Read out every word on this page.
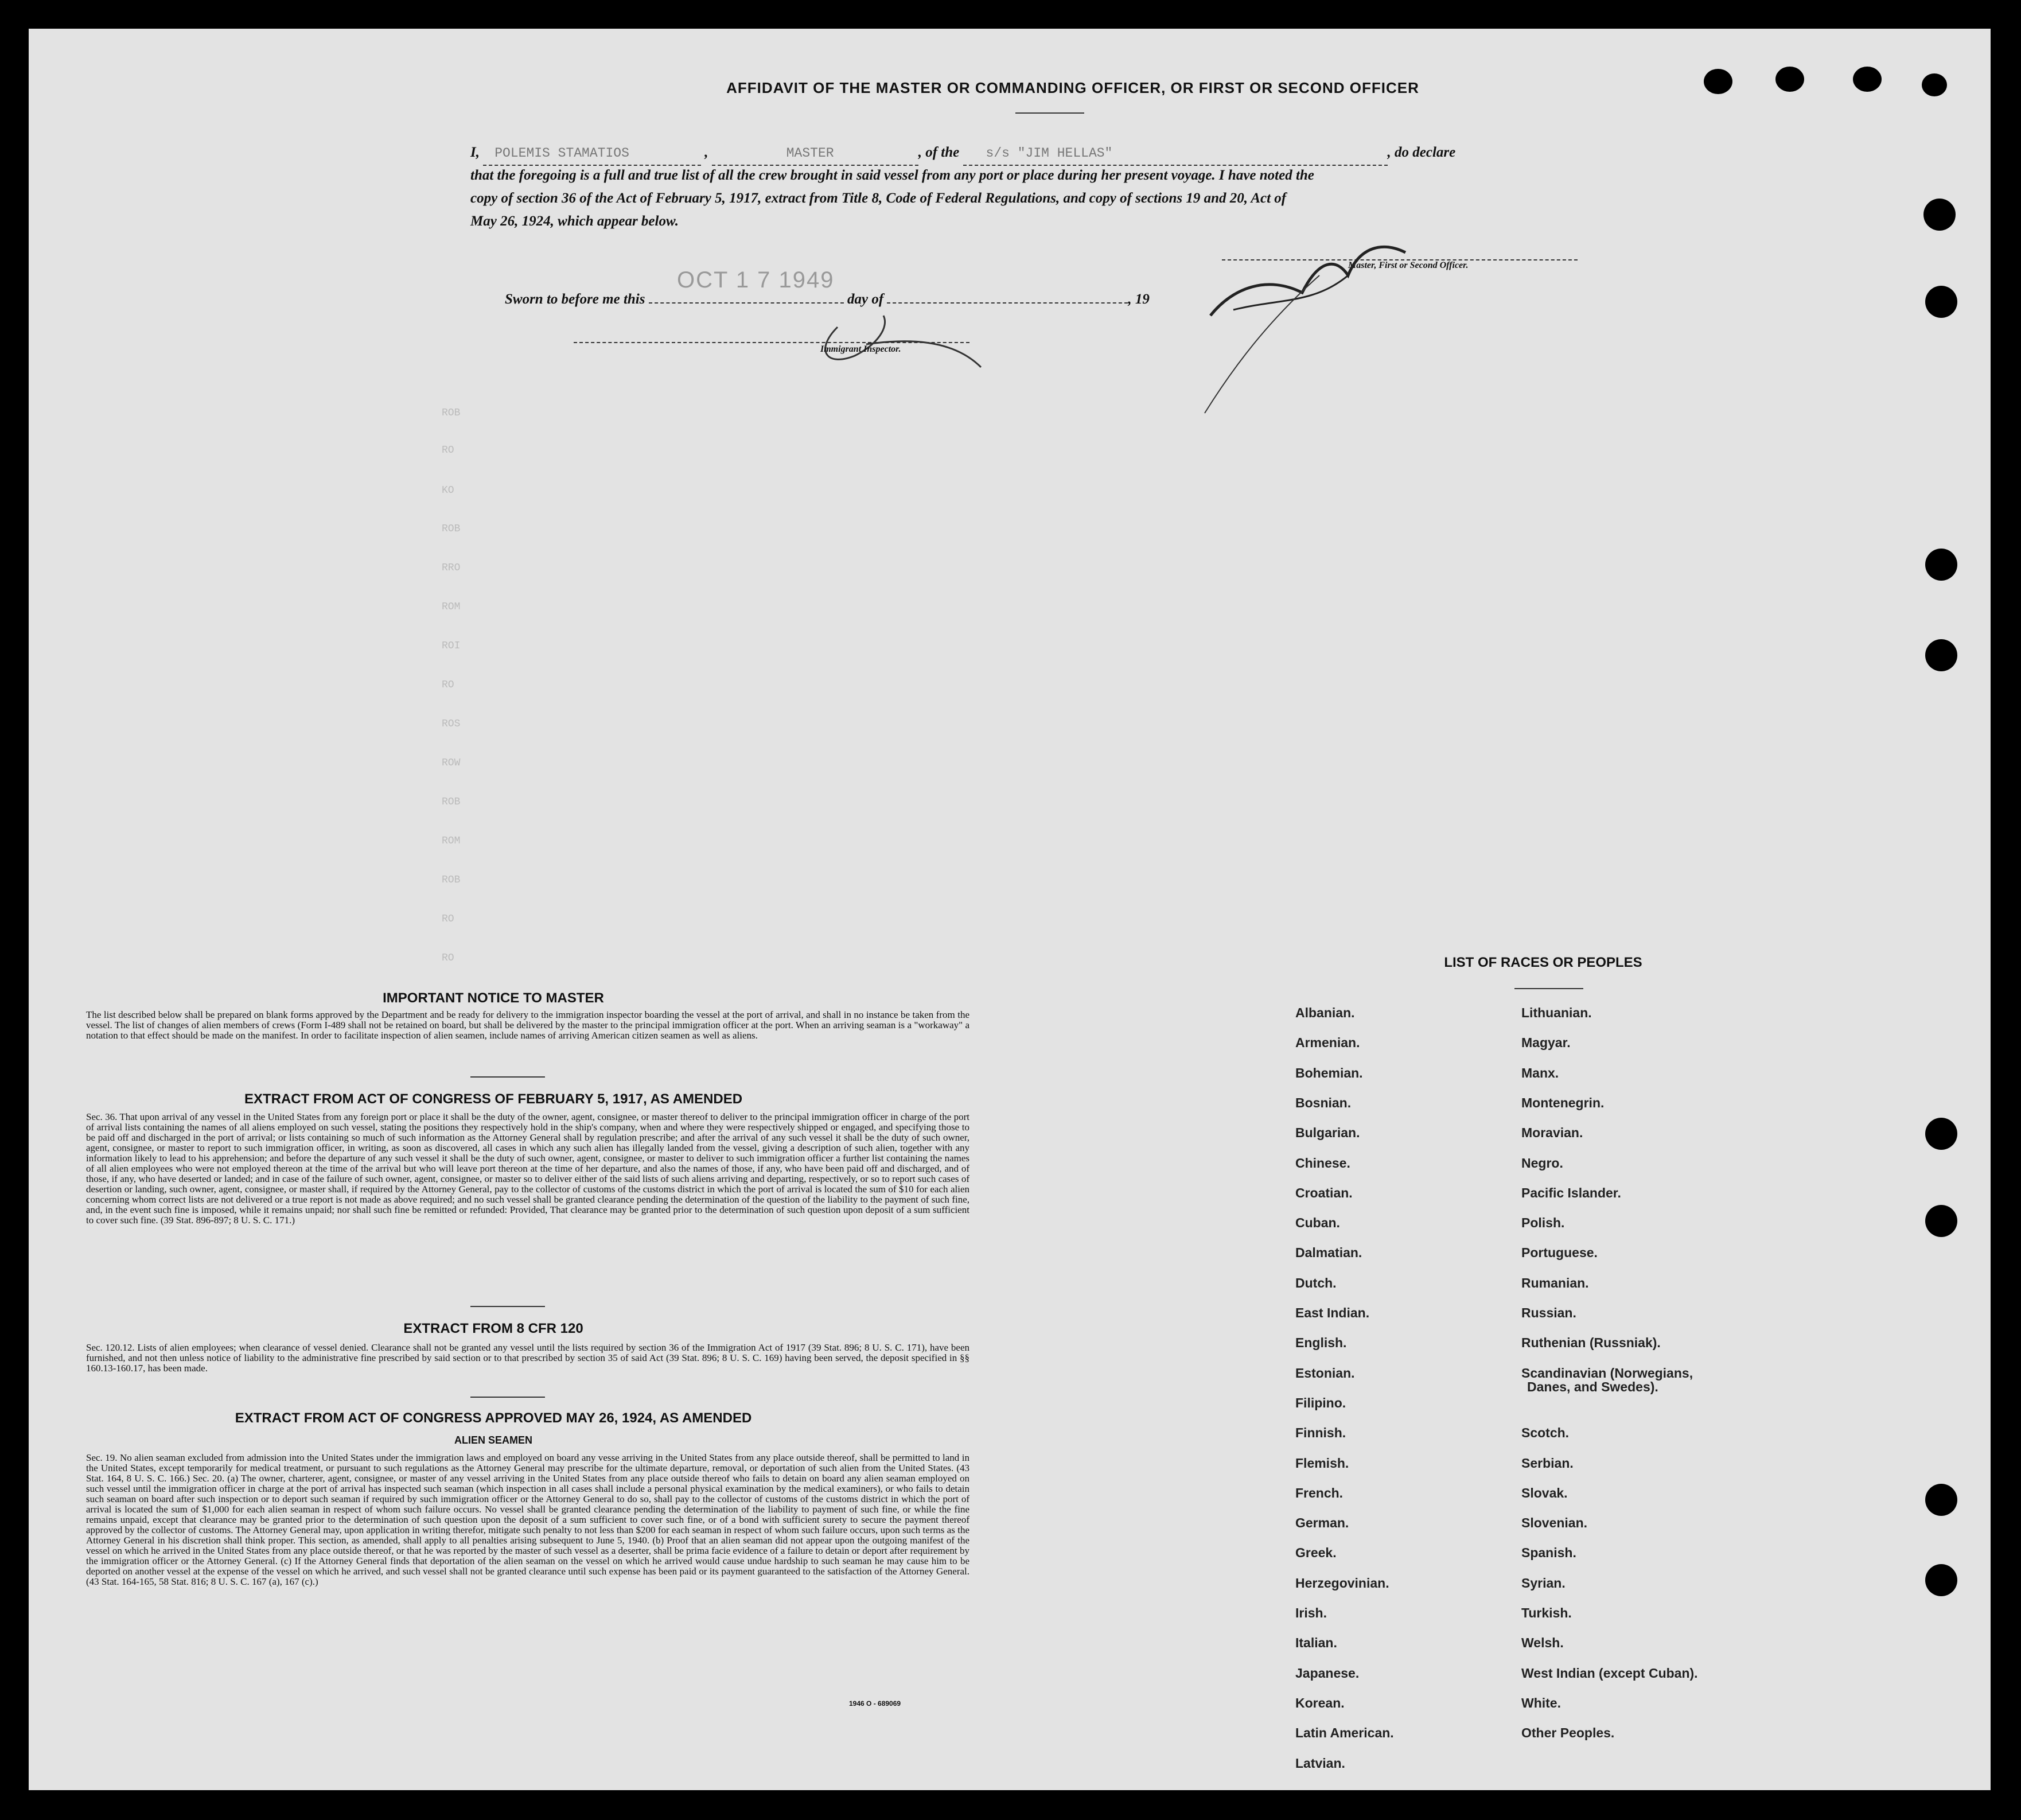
AFFIDAVIT OF THE MASTER OR COMMANDING OFFICER, OR FIRST OR SECOND OFFICER
I, POLEMIS STAMATIOS	,	MASTER	, of the s/s "JIM HELLAS"	, do declare
that the foregoing is a full and true list of all the crew brought in said vessel from any port or place during her present voyage. I have noted the
copy of section 36 of the Act of February 5, 1917, extract from Title 8, Code of Federal Regulations, and copy of sections 19 and 20, Act of
May 26, 1924, which appear below.
Master, First or Second Officer.
Sworn to before me this	day of	, 19
OCT 1 7 1949
Immigrant Inspector.
ROB
RO
KO
ROB
RRO
ROM
ROI
RO
ROS
ROW
ROB
ROM
ROB
RO
RO
IMPORTANT NOTICE TO MASTER
The list described below shall be prepared on blank forms approved by the Department and be ready for delivery to the immigration inspector boarding the vessel at the port of arrival, and shall in no instance be taken from the vessel. The list of changes of alien members of crews (Form I-489 shall not be retained on board, but shall be delivered by the master to the principal immigration officer at the port. When an arriving seaman is a "workaway" a notation to that effect should be made on the manifest. In order to facilitate inspection of alien seamen, include names of arriving American citizen seamen as well as aliens.
EXTRACT FROM ACT OF CONGRESS OF FEBRUARY 5, 1917, AS AMENDED
Sec. 36. That upon arrival of any vessel in the United States from any foreign port or place it shall be the duty of the owner, agent, consignee, or master thereof to deliver to the principal immigration officer in charge of the port of arrival lists containing the names of all aliens employed on such vessel, stating the positions they respectively hold in the ship's company, when and where they were respectively shipped or engaged, and specifying those to be paid off and discharged in the port of arrival; or lists containing so much of such information as the Attorney General shall by regulation prescribe; and after the arrival of any such vessel it shall be the duty of such owner, agent, consignee, or master to report to such immigration officer, in writing, as soon as discovered, all cases in which any such alien has illegally landed from the vessel, giving a description of such alien, together with any information likely to lead to his apprehension; and before the departure of any such vessel it shall be the duty of such owner, agent, consignee, or master to deliver to such immigration officer a further list containing the names of all alien employees who were not employed thereon at the time of the arrival but who will leave port thereon at the time of her departure, and also the names of those, if any, who have been paid off and discharged, and of those, if any, who have deserted or landed; and in case of the failure of such owner, agent, consignee, or master so to deliver either of the said lists of such aliens arriving and departing, respectively, or so to report such cases of desertion or landing, such owner, agent, consignee, or master shall, if required by the Attorney General, pay to the collector of customs of the customs district in which the port of arrival is located the sum of $10 for each alien concerning whom correct lists are not delivered or a true report is not made as above required; and no such vessel shall be granted clearance pending the determination of the question of the liability to the payment of such fine, and, in the event such fine is imposed, while it remains unpaid; nor shall such fine be remitted or refunded: Provided, That clearance may be granted prior to the determination of such question upon deposit of a sum sufficient to cover such fine. (39 Stat. 896-897; 8 U. S. C. 171.)
EXTRACT FROM 8 CFR 120
Sec. 120.12. Lists of alien employees; when clearance of vessel denied. Clearance shall not be granted any vessel until the lists required by section 36 of the Immigration Act of 1917 (39 Stat. 896; 8 U. S. C. 171), have been furnished, and not then unless notice of liability to the administrative fine prescribed by said section or to that prescribed by section 35 of said Act (39 Stat. 896; 8 U. S. C. 169) having been served, the deposit specified in §§ 160.13-160.17, has been made.
EXTRACT FROM ACT OF CONGRESS APPROVED MAY 26, 1924, AS AMENDED
ALIEN SEAMEN
Sec. 19. No alien seaman excluded from admission into the United States under the immigration laws and employed on board any vesse arriving in the United States from any place outside thereof, shall be permitted to land in the United States, except temporarily for medical treatment, or pursuant to such regulations as the Attorney General may prescribe for the ultimate departure, removal, or deportation of such alien from the United States. (43 Stat. 164, 8 U. S. C. 166.) Sec. 20. (a) The owner, charterer, agent, consignee, or master of any vessel arriving in the United States from any place outside thereof who fails to detain on board any alien seaman employed on such vessel until the immigration officer in charge at the port of arrival has inspected such seaman (which inspection in all cases shall include a personal physical examination by the medical examiners), or who fails to detain such seaman on board after such inspection or to deport such seaman if required by such immigration officer or the Attorney General to do so, shall pay to the collector of customs of the customs district in which the port of arrival is located the sum of $1,000 for each alien seaman in respect of whom such failure occurs. No vessel shall be granted clearance pending the determination of the liability to payment of such fine, or while the fine remains unpaid, except that clearance may be granted prior to the determination of such question upon the deposit of a sum sufficient to cover such fine, or of a bond with sufficient surety to secure the payment thereof approved by the collector of customs. The Attorney General may, upon application in writing therefor, mitigate such penalty to not less than $200 for each seaman in respect of whom such failure occurs, upon such terms as the Attorney General in his discretion shall think proper. This section, as amended, shall apply to all penalties arising subsequent to June 5, 1940. (b) Proof that an alien seaman did not appear upon the outgoing manifest of the vessel on which he arrived in the United States from any place outside thereof, or that he was reported by the master of such vessel as a deserter, shall be prima facie evidence of a failure to detain or deport after requirement by the immigration officer or the Attorney General. (c) If the Attorney General finds that deportation of the alien seaman on the vessel on which he arrived would cause undue hardship to such seaman he may cause him to be deported on another vessel at the expense of the vessel on which he arrived, and such vessel shall not be granted clearance until such expense has been paid or its payment guaranteed to the satisfaction of the Attorney General. (43 Stat. 164-165, 58 Stat. 816; 8 U. S. C. 167 (a), 167 (c).)
1946 O - 689069
LIST OF RACES OR PEOPLES
Albanian.
Armenian.
Bohemian.
Bosnian.
Bulgarian.
Chinese.
Croatian.
Cuban.
Dalmatian.
Dutch.
East Indian.
English.
Estonian.
Filipino.
Finnish.
Flemish.
French.
German.
Greek.
Herzegovinian.
Irish.
Italian.
Japanese.
Korean.
Latin American.
Latvian.
Lithuanian.
Magyar.
Manx.
Montenegrin.
Moravian.
Negro.
Pacific Islander.
Polish.
Portuguese.
Rumanian.
Russian.
Ruthenian (Russniak).
Scandinavian (Norwegians,
Danes, and Swedes).
Scotch.
Serbian.
Slovak.
Slovenian.
Spanish.
Syrian.
Turkish.
Welsh.
West Indian (except Cuban).
White.
Other Peoples.
